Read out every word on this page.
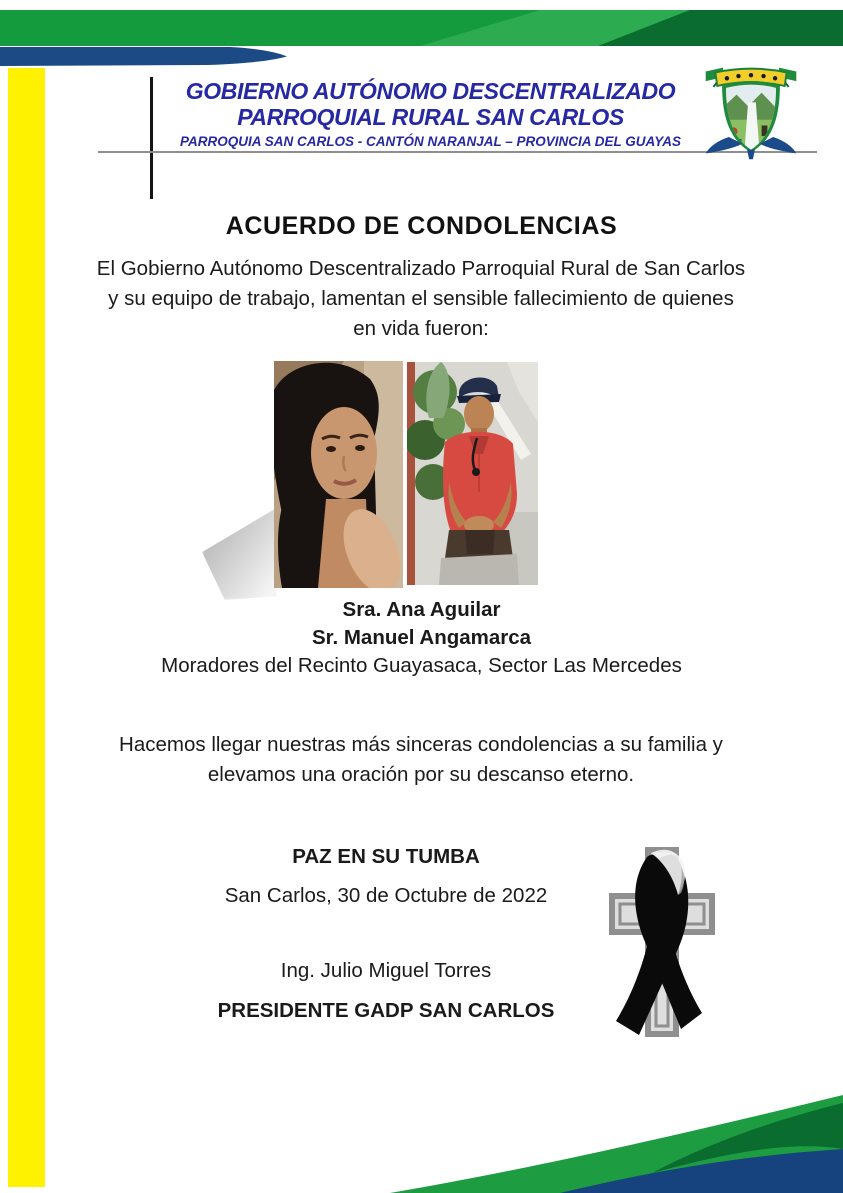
GOBIERNO AUTÓNOMO DESCENTRALIZADO
PARROQUIAL RURAL SAN CARLOS
PARROQUIA SAN CARLOS - CANTÓN NARANJAL – PROVINCIA DEL GUAYAS
ACUERDO DE CONDOLENCIAS
El Gobierno Autónomo Descentralizado Parroquial Rural de San Carlos y su equipo de trabajo, lamentan el sensible fallecimiento de quienes en vida fueron:
Sra. Ana Aguilar
Sr. Manuel Angamarca
Moradores del Recinto Guayasaca, Sector Las Mercedes
Hacemos llegar nuestras más sinceras condolencias a su familia y elevamos una oración por su descanso eterno.
PAZ EN SU TUMBA
San Carlos, 30 de Octubre de 2022
Ing. Julio Miguel Torres
PRESIDENTE GADP SAN CARLOS
